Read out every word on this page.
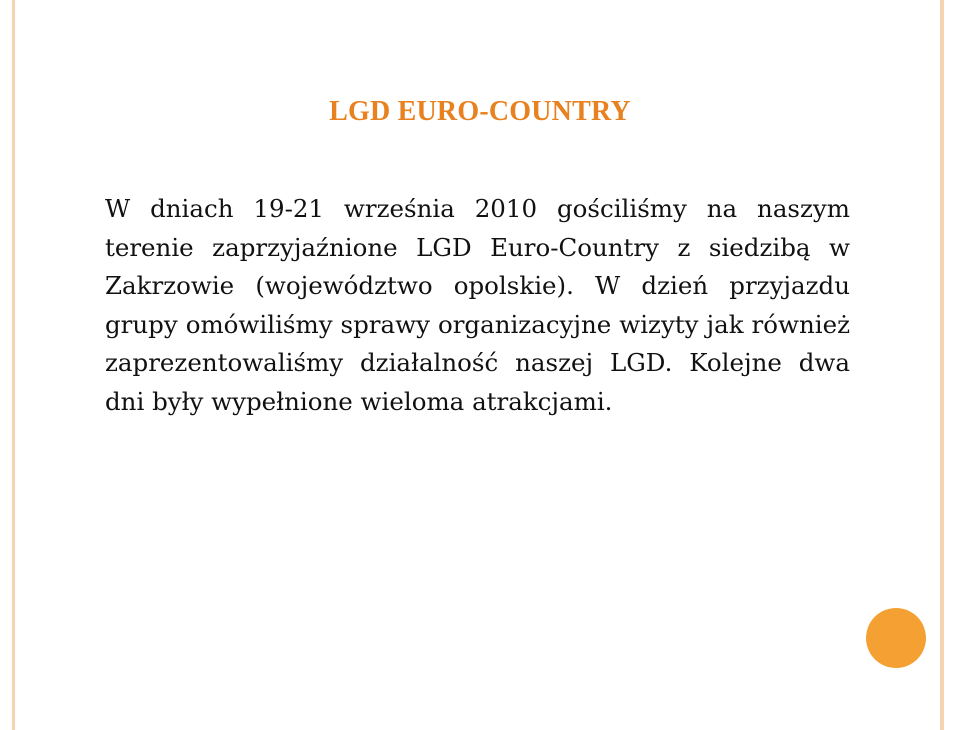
LGD EURO-COUNTRY

W dniach 19-21 września 2010 gościliśmy na naszym terenie zaprzyjaźnione LGD Euro-Country z siedzibą w Zakrzowie (województwo opolskie). W dzień przyjazdu grupy omówiliśmy sprawy organizacyjne wizyty jak również zaprezentowaliśmy działalność naszej LGD. Kolejne dwa dni były wypełnione wieloma atrakcjami.
